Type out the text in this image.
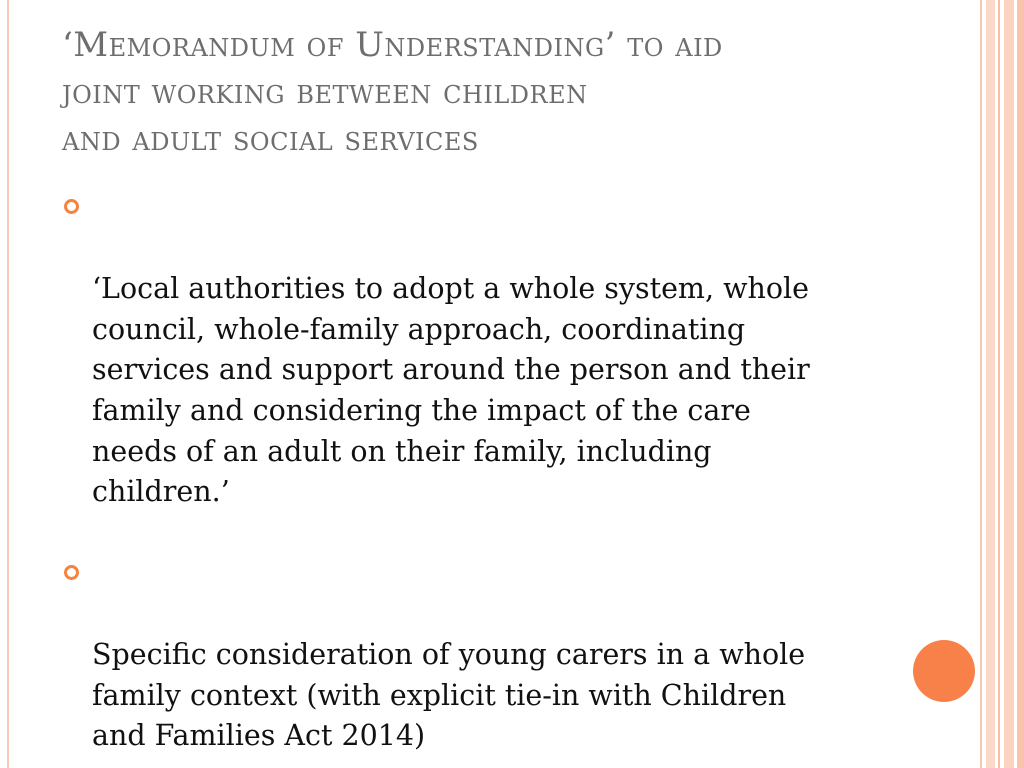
‘Memorandum of Understanding’ to aid
joint working between children
and adult social services

‘Local authorities to adopt a whole system, whole
council, whole-family approach, coordinating
services and support around the person and their
family and considering the impact of the care
needs of an adult on their family, including
children.’

Specific consideration of young carers in a whole
family context (with explicit tie-in with Children
and Families Act 2014)
